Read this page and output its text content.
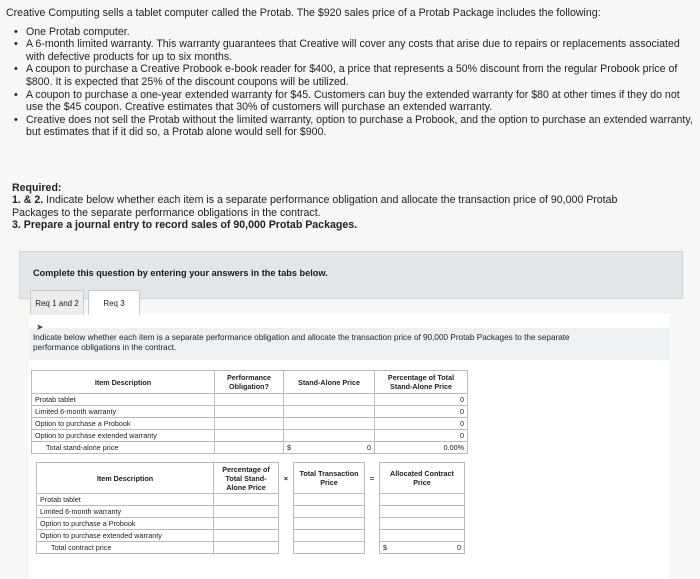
Creative Computing sells a tablet computer called the Protab. The $920 sales price of a Protab Package includes the following:

• One Protab computer.
• A 6-month limited warranty. This warranty guarantees that Creative will cover any costs that arise due to repairs or replacements associated with defective products for up to six months.
• A coupon to purchase a Creative Probook e-book reader for $400, a price that represents a 50% discount from the regular Probook price of $800. It is expected that 25% of the discount coupons will be utilized.
• A coupon to purchase a one-year extended warranty for $45. Customers can buy the extended warranty for $80 at other times if they do not use the $45 coupon. Creative estimates that 30% of customers will purchase an extended warranty.
• Creative does not sell the Protab without the limited warranty, option to purchase a Probook, and the option to purchase an extended warranty, but estimates that if it did so, a Protab alone would sell for $900.
Required:
1. & 2. Indicate below whether each item is a separate performance obligation and allocate the transaction price of 90,000 Protab Packages to the separate performance obligations in the contract.
3. Prepare a journal entry to record sales of 90,000 Protab Packages.
Complete this question by entering your answers in the tabs below.
Req 1 and 2	Req 3
➤
Indicate below whether each item is a separate performance obligation and allocate the transaction price of 90,000 Protab Packages to the separate performance obligations in the contract.
Item Description	Performance Obligation?	Stand-Alone Price	Percentage of Total Stand-Alone Price
Protab tablet			0
Limited 6-month warranty			0
Option to purchase a Probook			0
Option to purchase extended warranty			0
Total stand-alone price		$ 0	0.00%
Item Description	Percentage of Total Stand-Alone Price	×	Total Transaction Price	=	Allocated Contract Price
Protab tablet					
Limited 6-month warranty					
Option to purchase a Probook					
Option to purchase extended warranty					
Total contract price					$ 0
